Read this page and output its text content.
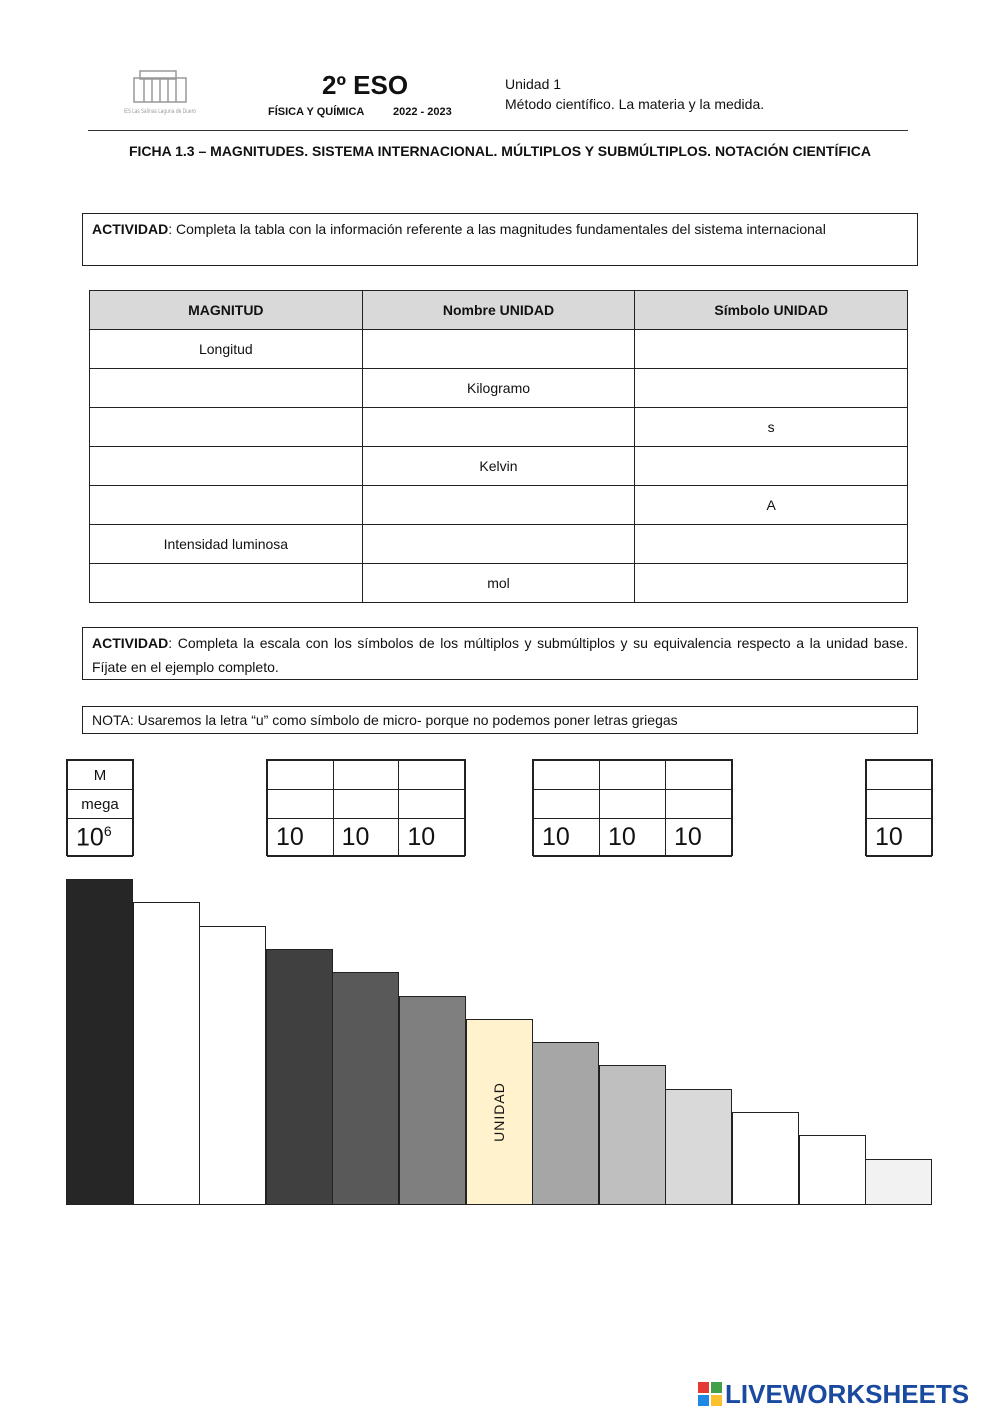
IES Las Salinas Laguna de Duero
2º ESO
FÍSICA Y QUÍMICA	2022 - 2023
Unidad 1
Método científico. La materia y la medida.
FICHA 1.3 – MAGNITUDES. SISTEMA INTERNACIONAL. MÚLTIPLOS Y SUBMÚLTIPLOS. NOTACIÓN CIENTÍFICA
ACTIVIDAD: Completa la tabla con la información referente a las magnitudes fundamentales del sistema internacional
MAGNITUD	Nombre UNIDAD	Símbolo UNIDAD
Longitud		
	Kilogramo	
		s
	Kelvin	
		A
Intensidad luminosa		
	mol	
ACTIVIDAD: Completa la escala con los símbolos de los múltiplos y submúltiplos y su equivalencia respecto a la unidad base. Fíjate en el ejemplo completo.
NOTA: Usaremos la letra “u” como símbolo de micro- porque no podemos poner letras griegas
M
mega
$10^6$

			10	10	10

			10	10	10	10
UNIDAD
LIVEWORKSHEETS
